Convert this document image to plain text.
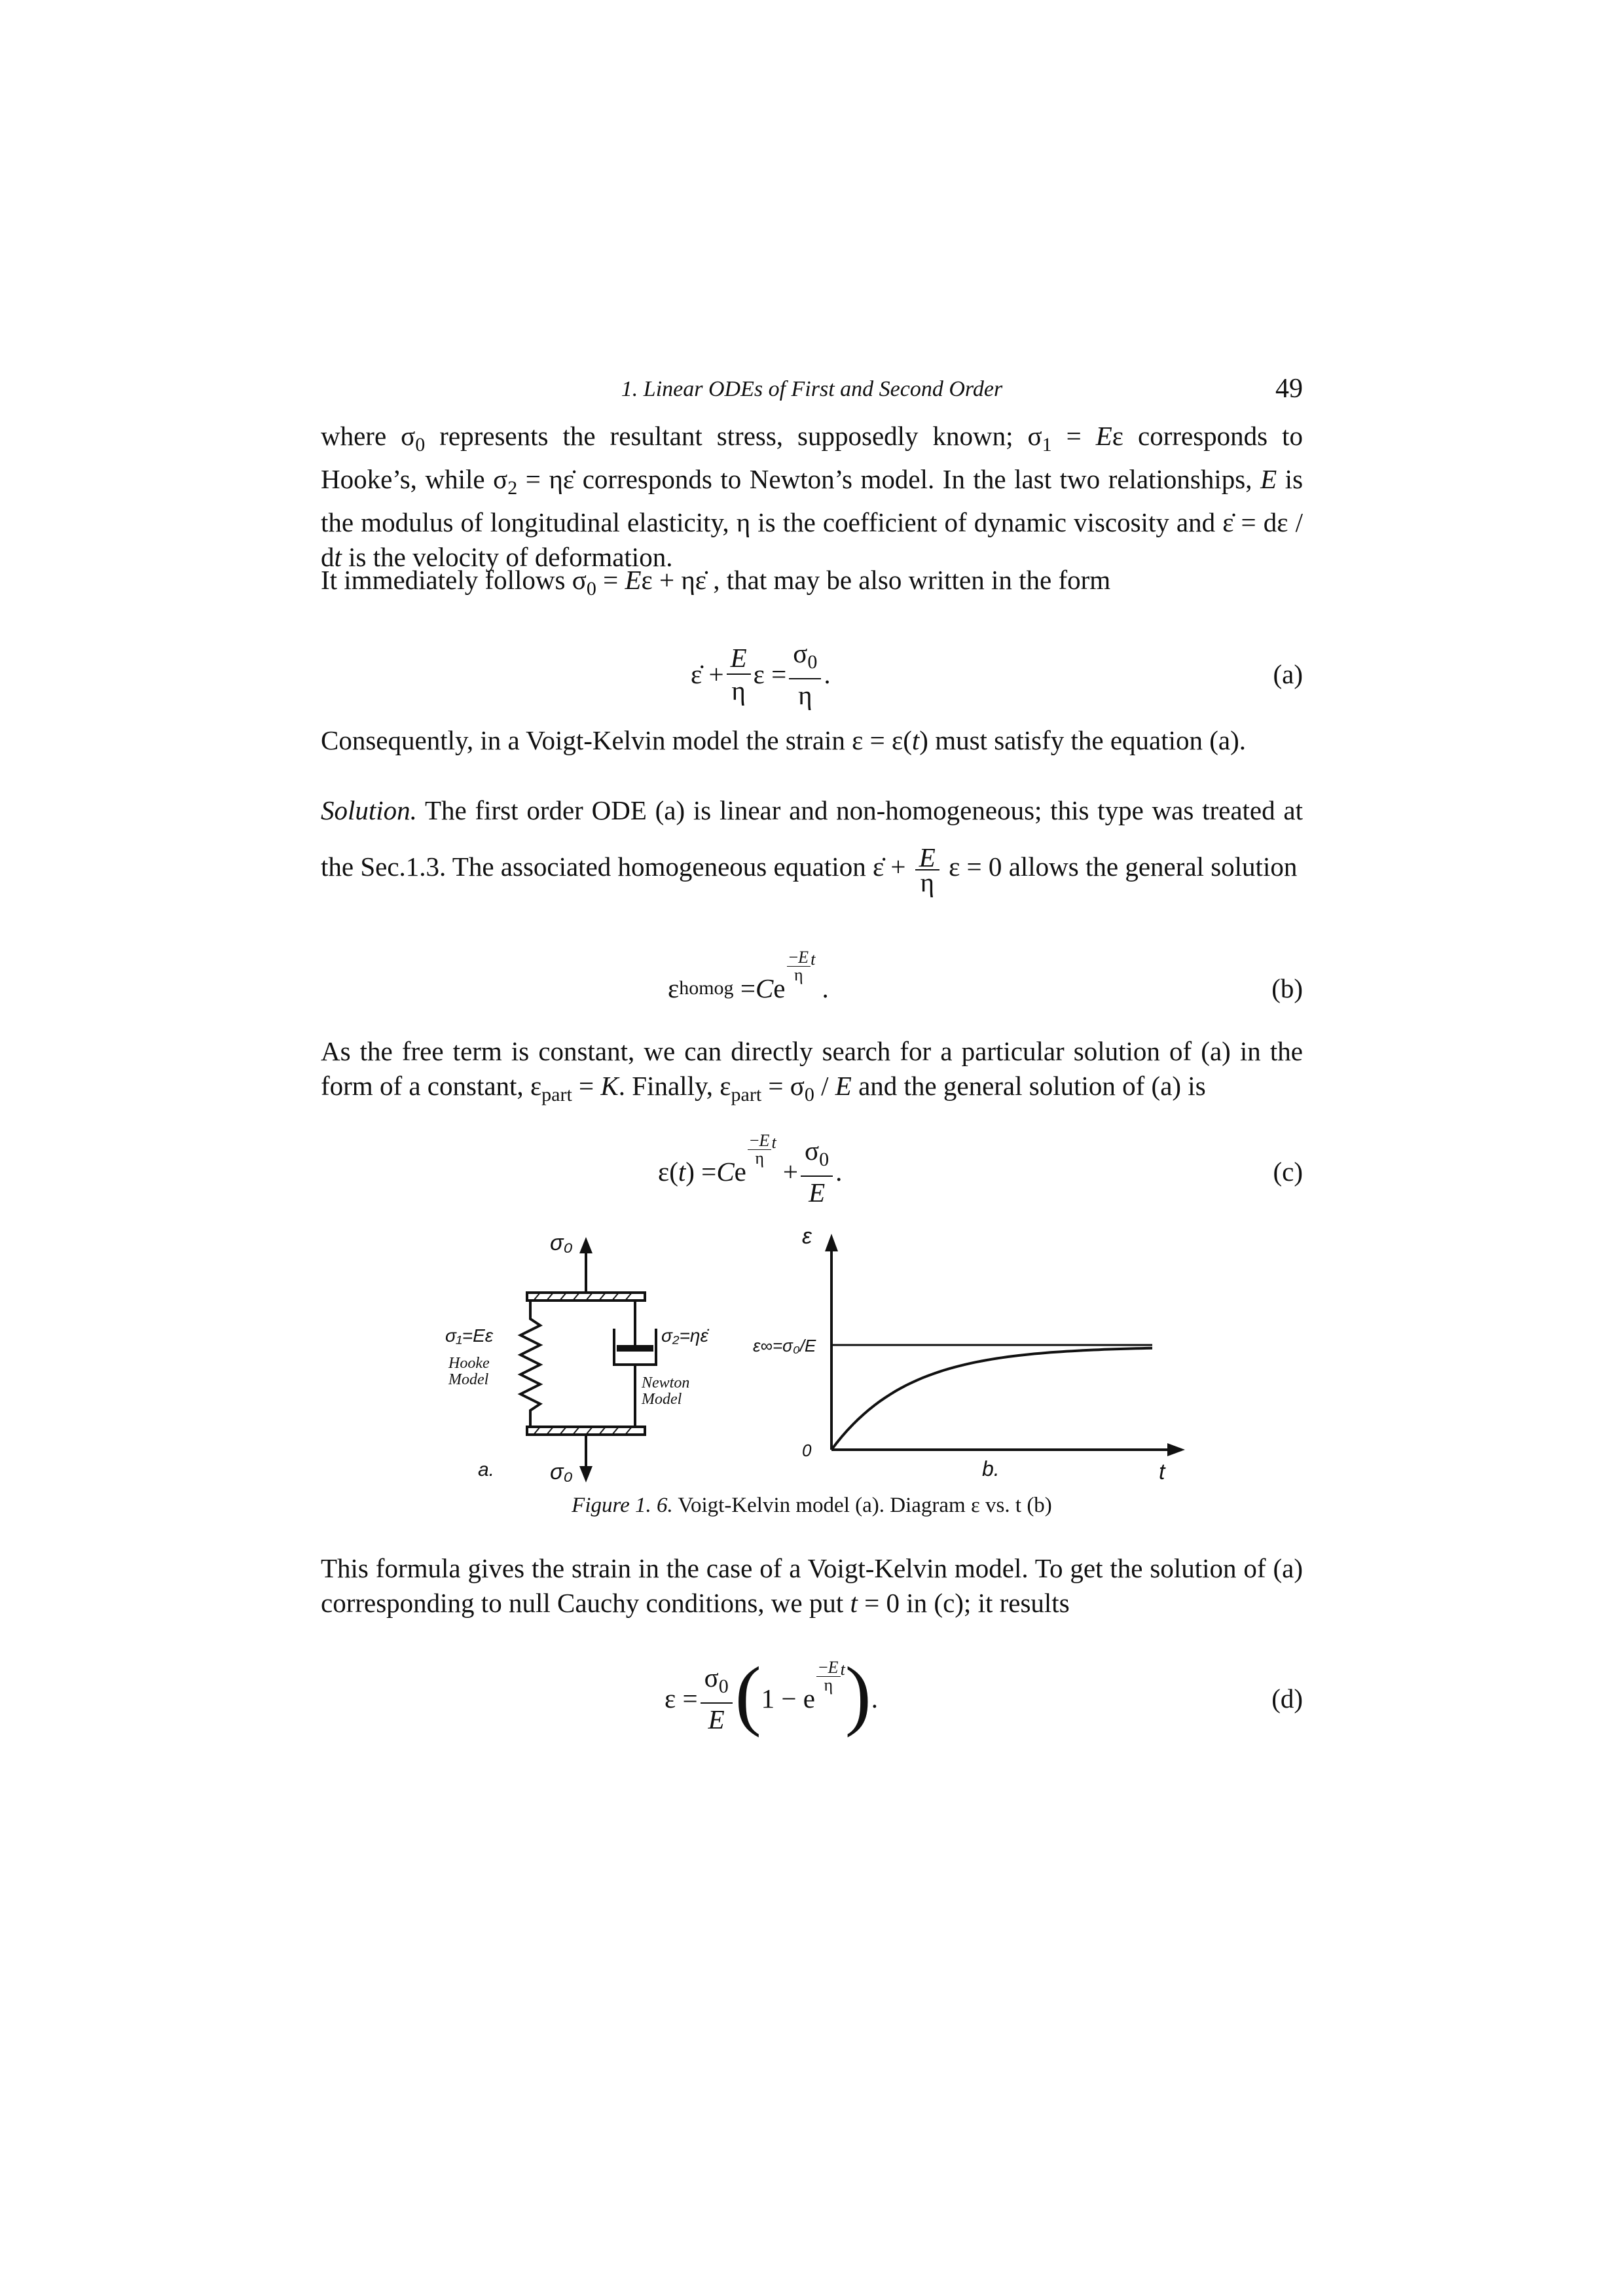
1. Linear ODEs of First and Second Order	49
where $\sigma_0$ represents the resultant stress, supposedly known; $\sigma_1 = E\varepsilon$ corresponds to Hooke’s, while $\sigma_2$ = ηε̇ corresponds to Newton’s model. In the last two relationships, E is the modulus of longitudinal elasticity, η is the coefficient of dynamic viscosity and ε̇ = dε / dt is the velocity of deformation.
It immediately follows $\sigma_0 = E\varepsilon$ + ηε̇ , that may be also written in the form
ε̇ + $\frac{E}{\eta}$ $\varepsilon = \frac{\sigma_0}{\eta}$ .	(a)
Consequently, in a Voigt-Kelvin model the strain ε = ε(t) must satisfy the equation (a).
Solution. The first order ODE (a) is linear and non-homogeneous; this type was treated at the Sec.1.3. The associated homogeneous equation ε̇ + $\frac{E}{\eta}$ ε = 0 allows the general solution
ε homog = C e
−E
η
t
.	(b)
As the free term is constant, we can directly search for a particular solution of (a) in the form of a constant, $\varepsilon_{part} = K$. Finally, $\varepsilon_{part} = \sigma_0 / E$ and the general solution of (a) is
ε( t ) = C e
−E
η
t
+ $\frac{\sigma_0}{E}$ .	(c)
σ₀
σ₀
σ₁=Eε
Hooke
Model
σ₂=ηε̇
Newton
Model
a.
ε
t
0
ε∞=σ₀/E
b.
Figure 1. 6. Voigt-Kelvin model (a). Diagram ε vs. t (b)
This formula gives the strain in the case of a Voigt-Kelvin model. To get the solution of (a) corresponding to null Cauchy conditions, we put t = 0 in (c); it results
$\varepsilon = \frac{\sigma_0}{E}$ ( 1 − e
−E
η
t ) .	(d)
